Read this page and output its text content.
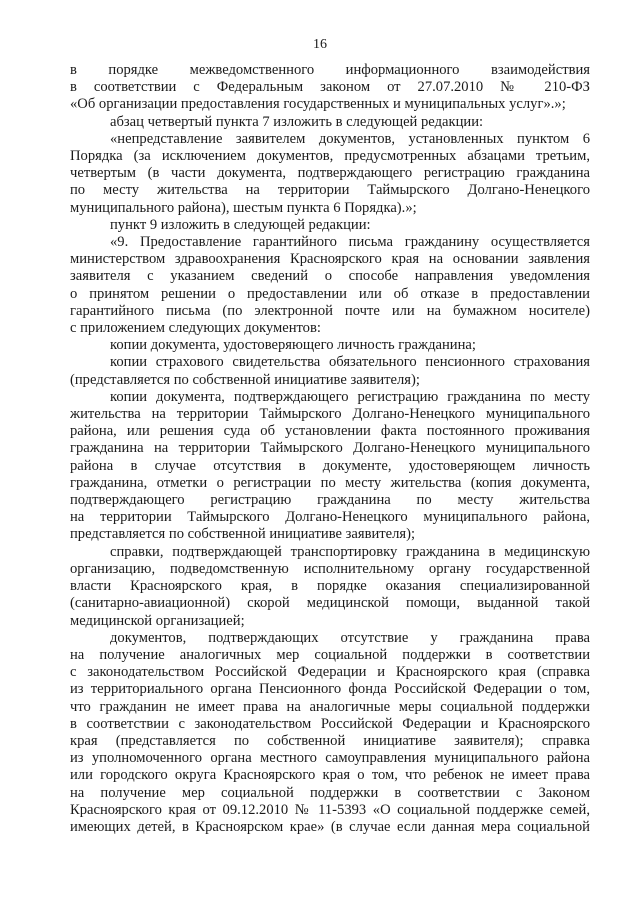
16
в порядке межведомственного информационного взаимодействия
в соответствии с Федеральным законом от 27.07.2010 № 210-ФЗ
«Об организации предоставления государственных и муниципальных услуг».»;
абзац четвертый пункта 7 изложить в следующей редакции:
«непредставление заявителем документов, установленных пунктом 6
Порядка (за исключением документов, предусмотренных абзацами третьим,
четвертым (в части документа, подтверждающего регистрацию гражданина
по месту жительства на территории Таймырского Долгано-Ненецкого
муниципального района), шестым пункта 6 Порядка).»;
пункт 9 изложить в следующей редакции:
«9. Предоставление гарантийного письма гражданину осуществляется
министерством здравоохранения Красноярского края на основании заявления
заявителя с указанием сведений о способе направления уведомления
о принятом решении о предоставлении или об отказе в предоставлении
гарантийного письма (по электронной почте или на бумажном носителе)
с приложением следующих документов:
копии документа, удостоверяющего личность гражданина;
копии страхового свидетельства обязательного пенсионного страхования
(представляется по собственной инициативе заявителя);
копии документа, подтверждающего регистрацию гражданина по месту
жительства на территории Таймырского Долгано-Ненецкого муниципального
района, или решения суда об установлении факта постоянного проживания
гражданина на территории Таймырского Долгано-Ненецкого муниципального
района в случае отсутствия в документе, удостоверяющем личность
гражданина, отметки о регистрации по месту жительства (копия документа,
подтверждающего регистрацию гражданина по месту жительства
на территории Таймырского Долгано-Ненецкого муниципального района,
представляется по собственной инициативе заявителя);
справки, подтверждающей транспортировку гражданина в медицинскую
организацию, подведомственную исполнительному органу государственной
власти Красноярского края, в порядке оказания специализированной
(санитарно-авиационной) скорой медицинской помощи, выданной такой
медицинской организацией;
документов, подтверждающих отсутствие у гражданина права
на получение аналогичных мер социальной поддержки в соответствии
с законодательством Российской Федерации и Красноярского края (справка
из территориального органа Пенсионного фонда Российской Федерации о том,
что гражданин не имеет права на аналогичные меры социальной поддержки
в соответствии с законодательством Российской Федерации и Красноярского
края (представляется по собственной инициативе заявителя); справка
из уполномоченного органа местного самоуправления муниципального района
или городского округа Красноярского края о том, что ребенок не имеет права
на получение мер социальной поддержки в соответствии с Законом
Красноярского края от 09.12.2010 № 11-5393 «О социальной поддержке семей,
имеющих детей, в Красноярском крае» (в случае если данная мера социальной
